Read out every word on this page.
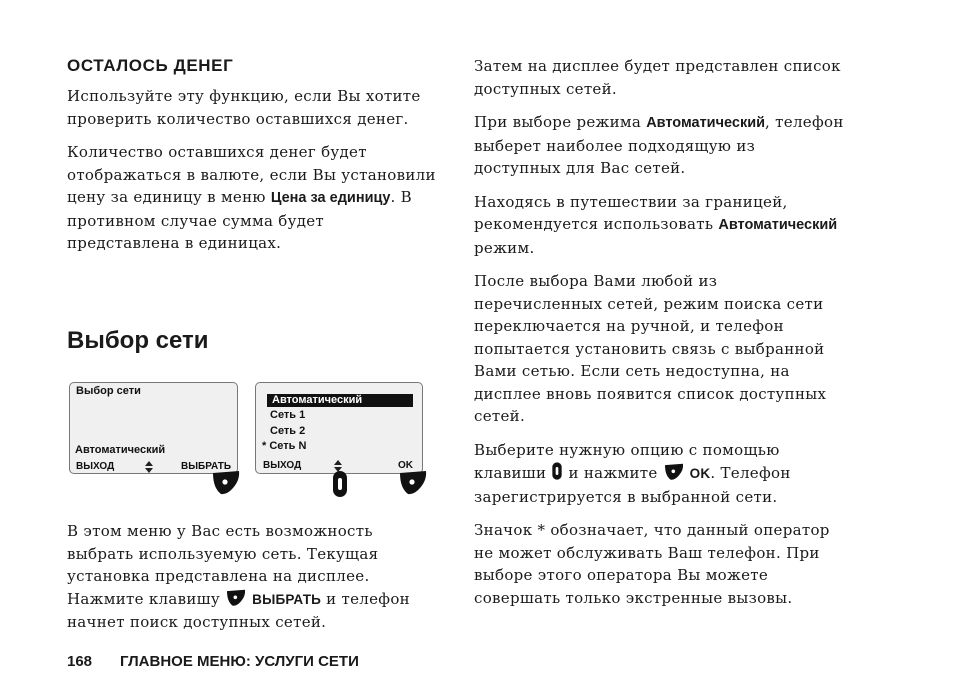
ОСТАЛОСЬ ДЕНЕГ

Используйте эту функцию, если Вы хотите проверить количество оставшихся денег.

Количество оставшихся денег будет отображаться в валюте, если Вы установили цену за единицу в меню Цена за единицу. В противном случае сумма будет представлена в единицах.

Выбор сети
Выбор сети
Автоматический
ВЫХОД	ВЫБРАТЬ
Автоматический
Сеть 1
Сеть 2
* Сеть N
ВЫХОД	OK

В этом меню у Вас есть возможность выбрать используемую сеть. Текущая установка представлена на дисплее. Нажмите клавишу  ВЫБРАТЬ и телефон начнет поиск доступных сетей.

Затем на дисплее будет представлен список доступных сетей.

При выборе режима Автоматический, телефон выберет наиболее подходящую из доступных для Вас сетей.

Находясь в путешествии за границей, рекомендуется использовать Автоматический режим.

После выбора Вами любой из перечисленных сетей, режим поиска сети переключается на ручной, и телефон попытается установить связь с выбранной Вами сетью. Если сеть недоступна, на дисплее вновь появится список доступных сетей.

Выберите нужную опцию с помощью клавиши  и нажмите  OK. Телефон зарегистрируется в выбранной сети.

Значок * обозначает, что данный оператор не может обслуживать Ваш телефон. При выборе этого оператора Вы можете совершать только экстренные вызовы.

168 ГЛАВНОЕ МЕНЮ: УСЛУГИ СЕТИ
